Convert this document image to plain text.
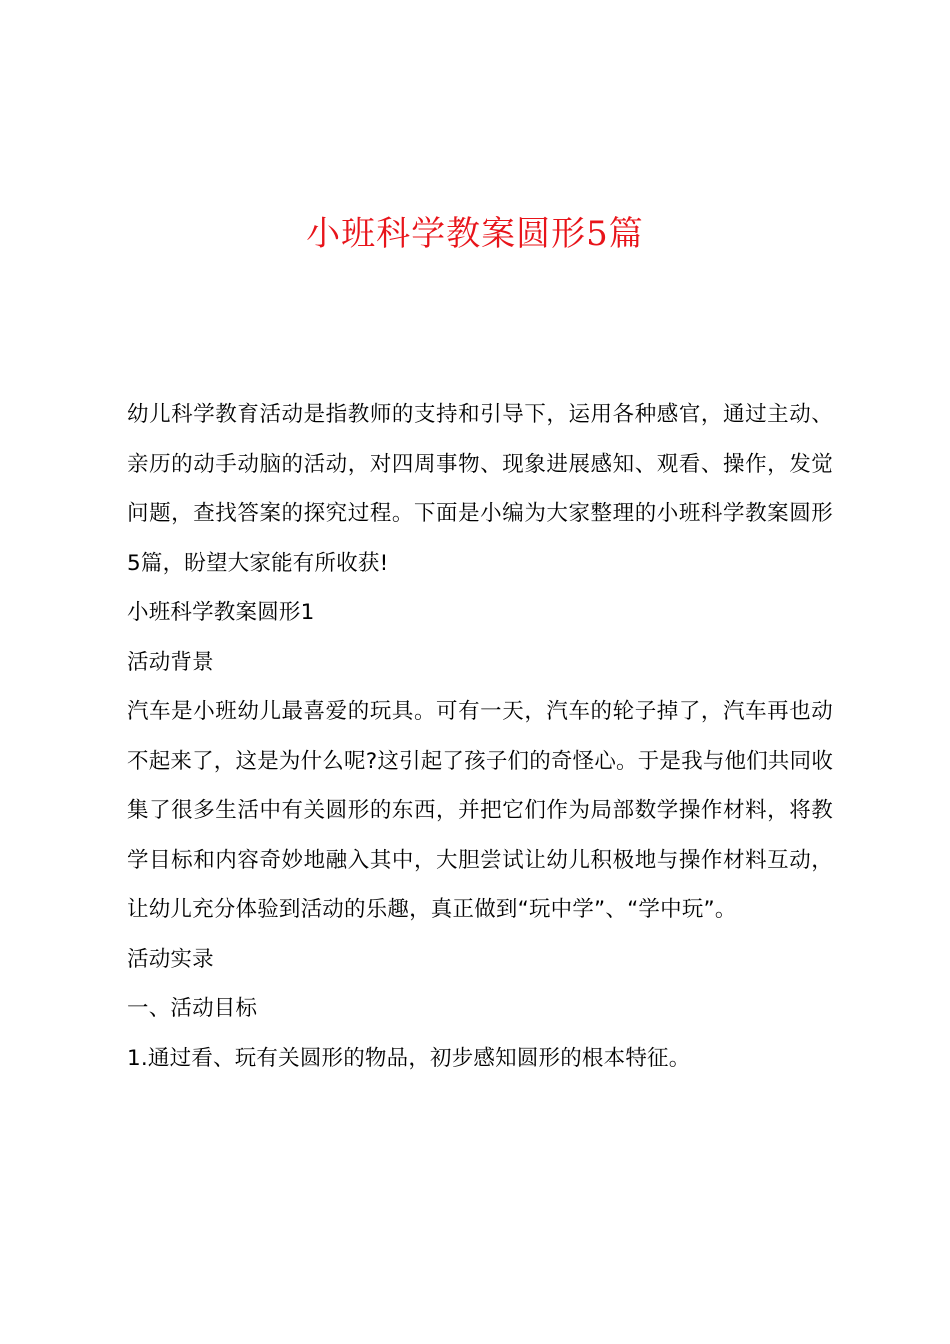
小班科学教案圆形5篇

幼儿科学教育活动是指教师的支持和引导下，运用各种感官，通过主动、亲历的动手动脑的活动，对四周事物、现象进展感知、观看、操作，发觉问题，查找答案的探究过程。下面是小编为大家整理的小班科学教案圆形5篇，盼望大家能有所收获!

小班科学教案圆形1

活动背景

汽车是小班幼儿最喜爱的玩具。可有一天，汽车的轮子掉了，汽车再也动不起来了，这是为什么呢?这引起了孩子们的奇怪心。于是我与他们共同收集了很多生活中有关圆形的东西，并把它们作为局部数学操作材料，将教学目标和内容奇妙地融入其中，大胆尝试让幼儿积极地与操作材料互动，让幼儿充分体验到活动的乐趣，真正做到“玩中学”、“学中玩”。

活动实录

一、活动目标

1.通过看、玩有关圆形的物品，初步感知圆形的根本特征。
